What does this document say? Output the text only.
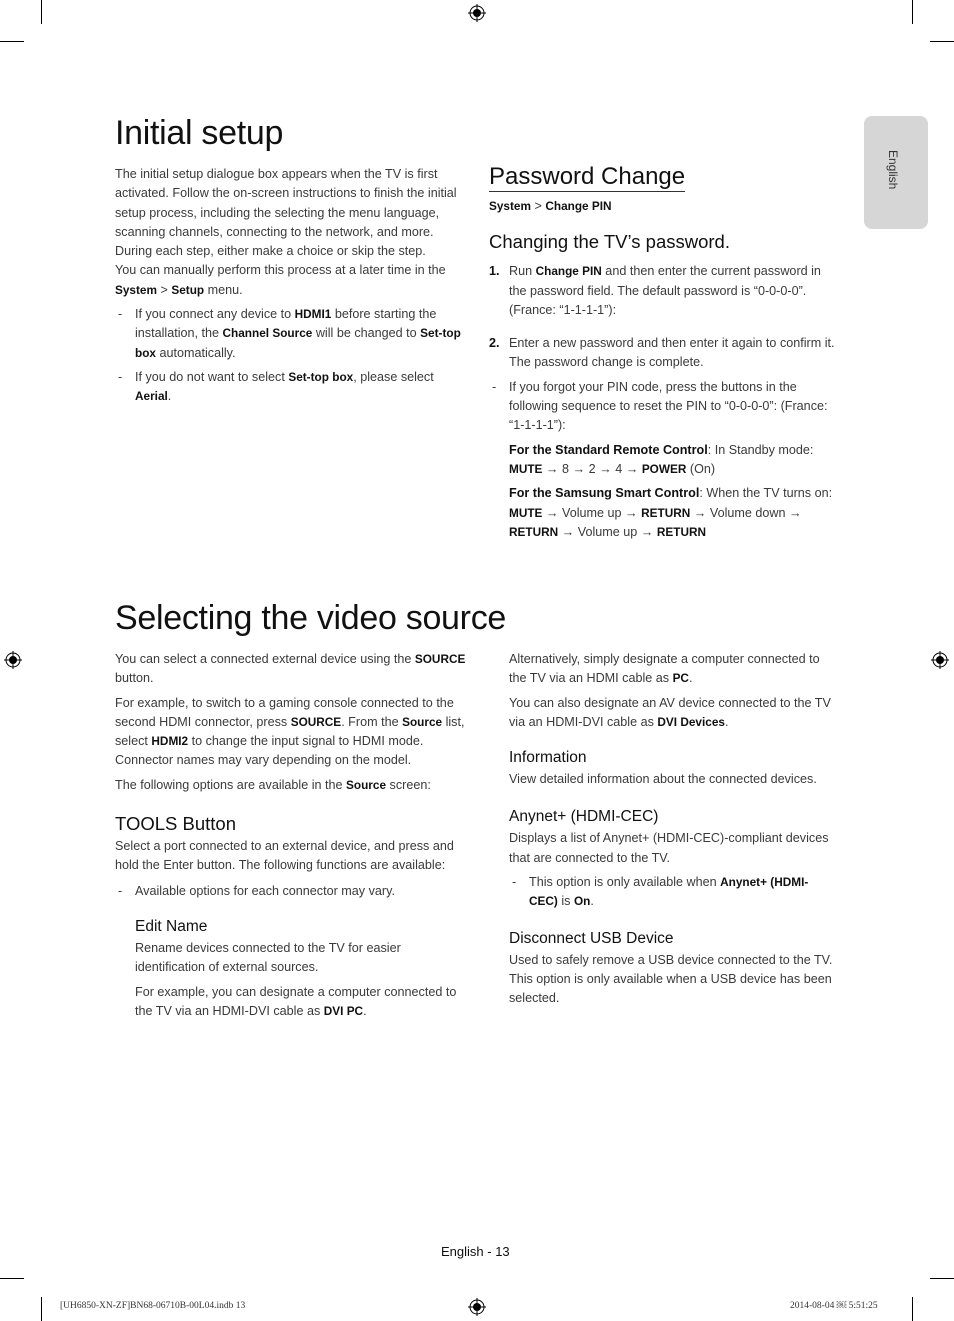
English
Initial setup

The initial setup dialogue box appears when the TV is first activated. Follow the on-screen instructions to finish the initial setup process, including the selecting the menu language, scanning channels, connecting to the network, and more. During each step, either make a choice or skip the step.

You can manually perform this process at a later time in the System > Setup menu.

- If you connect any device to HDMI1 before starting the installation, the Channel Source will be changed to Set-top box automatically.

- If you do not want to select Set-top box, please select Aerial.

Password Change

System > Change PIN

Changing the TV’s password.

1. Run Change PIN and then enter the current password in the password field. The default password is “0-0-0-0”. (France: “1-1-1-1”):

2. Enter a new password and then enter it again to confirm it. The password change is complete.

- If you forgot your PIN code, press the buttons in the following sequence to reset the PIN to “0-0-0-0”: (France: “1-1-1-1”):

For the Standard Remote Control: In Standby mode:
MUTE → 8 → 2 → 4 → POWER (On)

For the Samsung Smart Control: When the TV turns on: MUTE → Volume up → RETURN → Volume down → RETURN → Volume up → RETURN

Selecting the video source

You can select a connected external device using the SOURCE button.

For example, to switch to a gaming console connected to the second HDMI connector, press SOURCE. From the Source list, select HDMI2 to change the input signal to HDMI mode. Connector names may vary depending on the model.

The following options are available in the Source screen:

TOOLS Button

Select a port connected to an external device, and press and hold the Enter button. The following functions are available:

- Available options for each connector may vary.

Edit Name

Rename devices connected to the TV for easier identification of external sources.

For example, you can designate a computer connected to the TV via an HDMI-DVI cable as DVI PC.

Alternatively, simply designate a computer connected to the TV via an HDMI cable as PC.

You can also designate an AV device connected to the TV via an HDMI-DVI cable as DVI Devices.

Information

View detailed information about the connected devices.

Anynet+ (HDMI-CEC)

Displays a list of Anynet+ (HDMI-CEC)-compliant devices that are connected to the TV.

- This option is only available when Anynet+ (HDMI-CEC) is On.

Disconnect USB Device

Used to safely remove a USB device connected to the TV. This option is only available when a USB device has been selected.

English - 13
[UH6850-XN-ZF]BN68-06710B-00L04.indb 13	2014-08-04 ￼ 5:51:25
